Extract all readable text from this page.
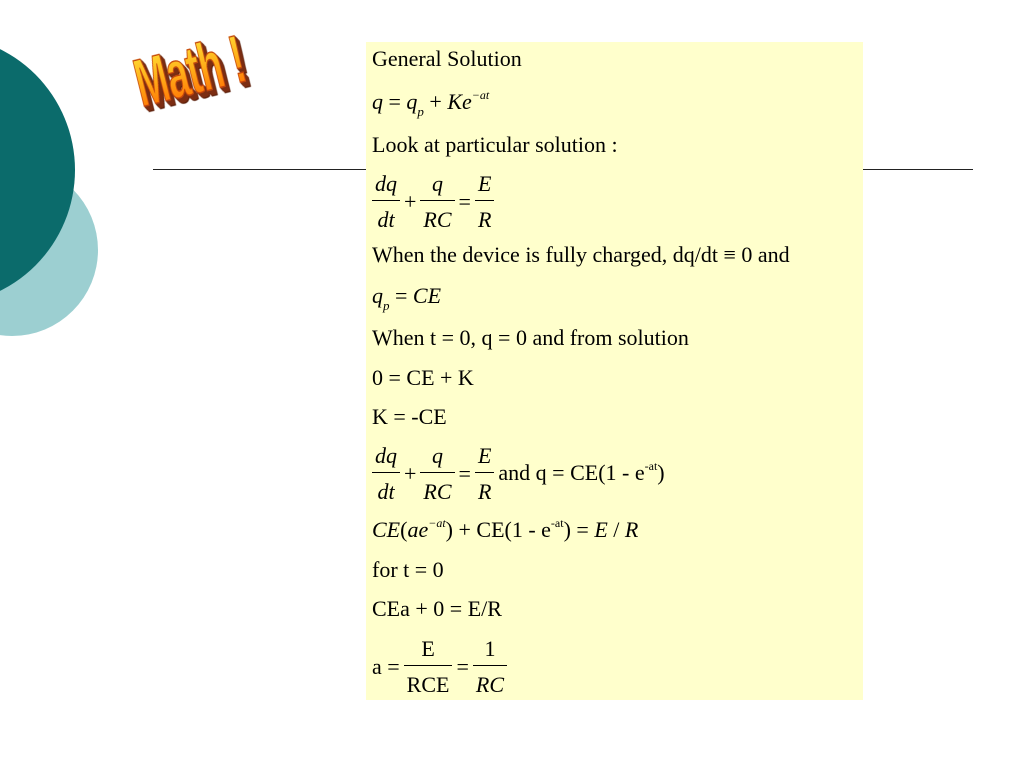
Math !	General Solution
$q = q_p + Ke^{-at}$
Look at particular solution :
$\frac{dq}{dt} + \frac{q}{RC} = \frac{E}{R}$
When the device is fully charged, dq/dt ≡ 0 and
$q_p$ = CE
When t = 0, q = 0 and from solution
0 = CE + K
K = -CE
$\frac{dq}{dt} + \frac{q}{RC} = \frac{E}{R}$ and $q = CE(1 - e^{-at})$
$CE(ae^{-at}) + CE(1 - e^{-at}) = E / R$
for t = 0
CEa + 0 = E/R
$a = \frac{E}{\text{RCE}} = \frac{1}{RC}$
